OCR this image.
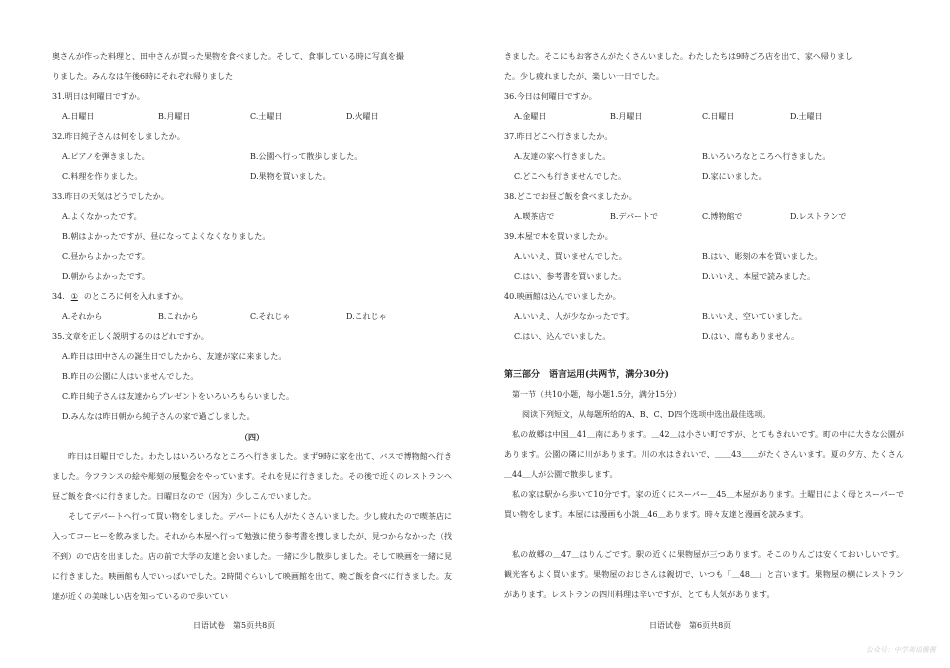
奥さんが作った料理と、田中さんが買った果物を食べました。そして、食事している時に写真を撮
りました。みんなは午後6時にそれぞれ帰りました
31.明日は何曜日ですか。
A.日曜日	B.月曜日	C.土曜日	D.火曜日
32.昨日純子さんは何をしましたか。
A.ピアノを弾きました。	B.公園へ行って散歩しました。
C.料理を作りました。	D.果物を買いました。
33.昨日の天気はどうでしたか。
A.よくなかったです。
B.朝はよかったですが、昼になってよくなくなりました。
C.昼からよかったです。
D.朝からよかったです。
34. ① のところに何を入れますか。
A.それから	B.これから	C.それじゃ	D.これじゃ
35.文章を正しく説明するのはどれですか。
A.昨日は田中さんの誕生日でしたから、友達が家に来ました。
B.昨日の公園に人はいませんでした。
C.昨日純子さんは友達からプレゼントをいろいろもらいました。
D.みんなは昨日朝から純子さんの家で過ごしました。
（四）
昨日は日曜日でした。わたしはいろいろなところへ行きました。まず9時に家を出て、バスで博物館へ行きました。今フランスの絵や彫刻の展覧会をやっています。それを見に行きました。その後で近くのレストランへ昼ご飯を食べに行きました。日曜日なので（因为）少しこんでいました。
そしてデパートへ行って買い物をしました。デパートにも人がたくさんいました。少し疲れたので喫茶店に入ってコーヒーを飲みました。それから本屋へ行って勉強に使う参考書を捜しましたが、見つからなかった（找不到）ので店を出ました。店の前で大学の友達と会いました。一緒に少し散歩しました。そして映画を一緒に見に行きました。映画館も人でいっぱいでした。2時間ぐらいして映画館を出て、晩ご飯を食べに行きました。友達が近くの美味しい店を知っているので歩いてい
日语试卷　第5页共8页
きました。そこにもお客さんがたくさんいました。わたしたちは9時ごろ店を出て、家へ帰りまし
た。少し疲れましたが、楽しい一日でした。
36.今日は何曜日ですか。
A.金曜日	B.月曜日	C.日曜日	D.土曜日
37.昨日どこへ行きましたか。
A.友達の家へ行きました。	B.いろいろなところへ行きました。
C.どこへも行きませんでした。	D.家にいました。
38.どこでお昼ご飯を食べましたか。
A.喫茶店で	B.デパートで	C.博物館で	D.レストランで
39.本屋で本を買いましたか。
A.いいえ、買いませんでした。	B.はい、彫刻の本を買いました。
C.はい、参考書を買いました。	D.いいえ、本屋で読みました。
40.映画館は込んでいましたか。
A.いいえ、人が少なかったです。	B.いいえ、空いていました。
C.はい、込んでいました。	D.はい、席もありません。
第三部分　语言运用(共两节，满分30分)
第一节（共10小题，每小题1.5分，满分15分）
阅读下列短文，从每题所给的A、B、C、D四个选项中选出最佳选项。
私の故郷は中国＿41＿南にあります。＿42＿は小さい町ですが、とてもきれいです。町の中に大きな公園があります。公園の隣に川があります。川の水はきれいで、＿＿43＿＿がたくさんいます。夏の夕方、たくさん＿44＿人が公園で散歩します。
私の家は駅から歩いて10分です。家の近くにスーパー＿45＿本屋があります。土曜日によく母とスーパーで買い物をします。本屋には漫画も小説＿46＿あります。時々友達と漫画を読みます。
私の故郷の＿47＿はりんごです。駅の近くに果物屋が三つあります。そこのりんごは安くておいしいです。観光客もよく買います。果物屋のおじさんは親切で、いつも「＿48＿」と言います。果物屋の横にレストランがあります。レストランの四川料理は辛いですが、とても人気があります。
日语试卷　第6页共8页
公众号：中学英语酱酱
